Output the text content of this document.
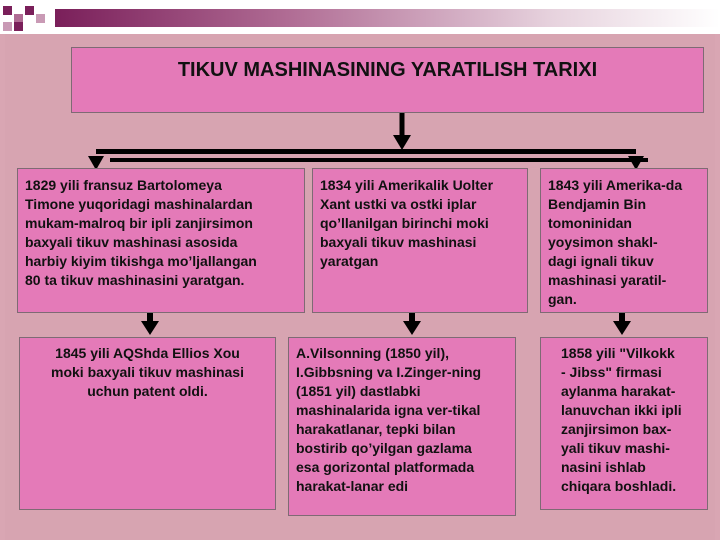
TIKUV MASHINASINING YARATILISH TARIXI
1829 yili fransuz Bartolomeya
Timone yuqoridagi mashinalardan
mukam-malroq bir ipli zanjirsimon
baxyali tikuv mashinasi asosida
harbiy kiyim tikishga mo’ljallangan
80 ta tikuv mashinasini yaratgan.
1834 yili Amerikalik Uolter
Xant ustki va ostki iplar
qo’llanilgan birinchi moki
baxyali tikuv mashinasi
yaratgan
1843 yili Amerika-da
Bendjamin Bin
tomoninidan
yoysimon shakl-
dagi ignali tikuv
mashinasi yaratil-
gan.
1845 yili AQShda Ellios Xou
moki baxyali tikuv mashinasi
uchun patent oldi.
A.Vilsonning (1850 yil),
I.Gibbsning va I.Zinger-ning
(1851 yil) dastlabki
mashinalarida igna ver-tikal
harakatlanar, tepki bilan
bostirib qo’yilgan gazlama
esa gorizontal platformada
harakat-lanar edi
1858 yili "Vilkokk
- Jibss" firmasi
aylanma harakat-
lanuvchan ikki ipli
zanjirsimon bax-
yali tikuv mashi-
nasini ishlab
chiqara boshladi.
